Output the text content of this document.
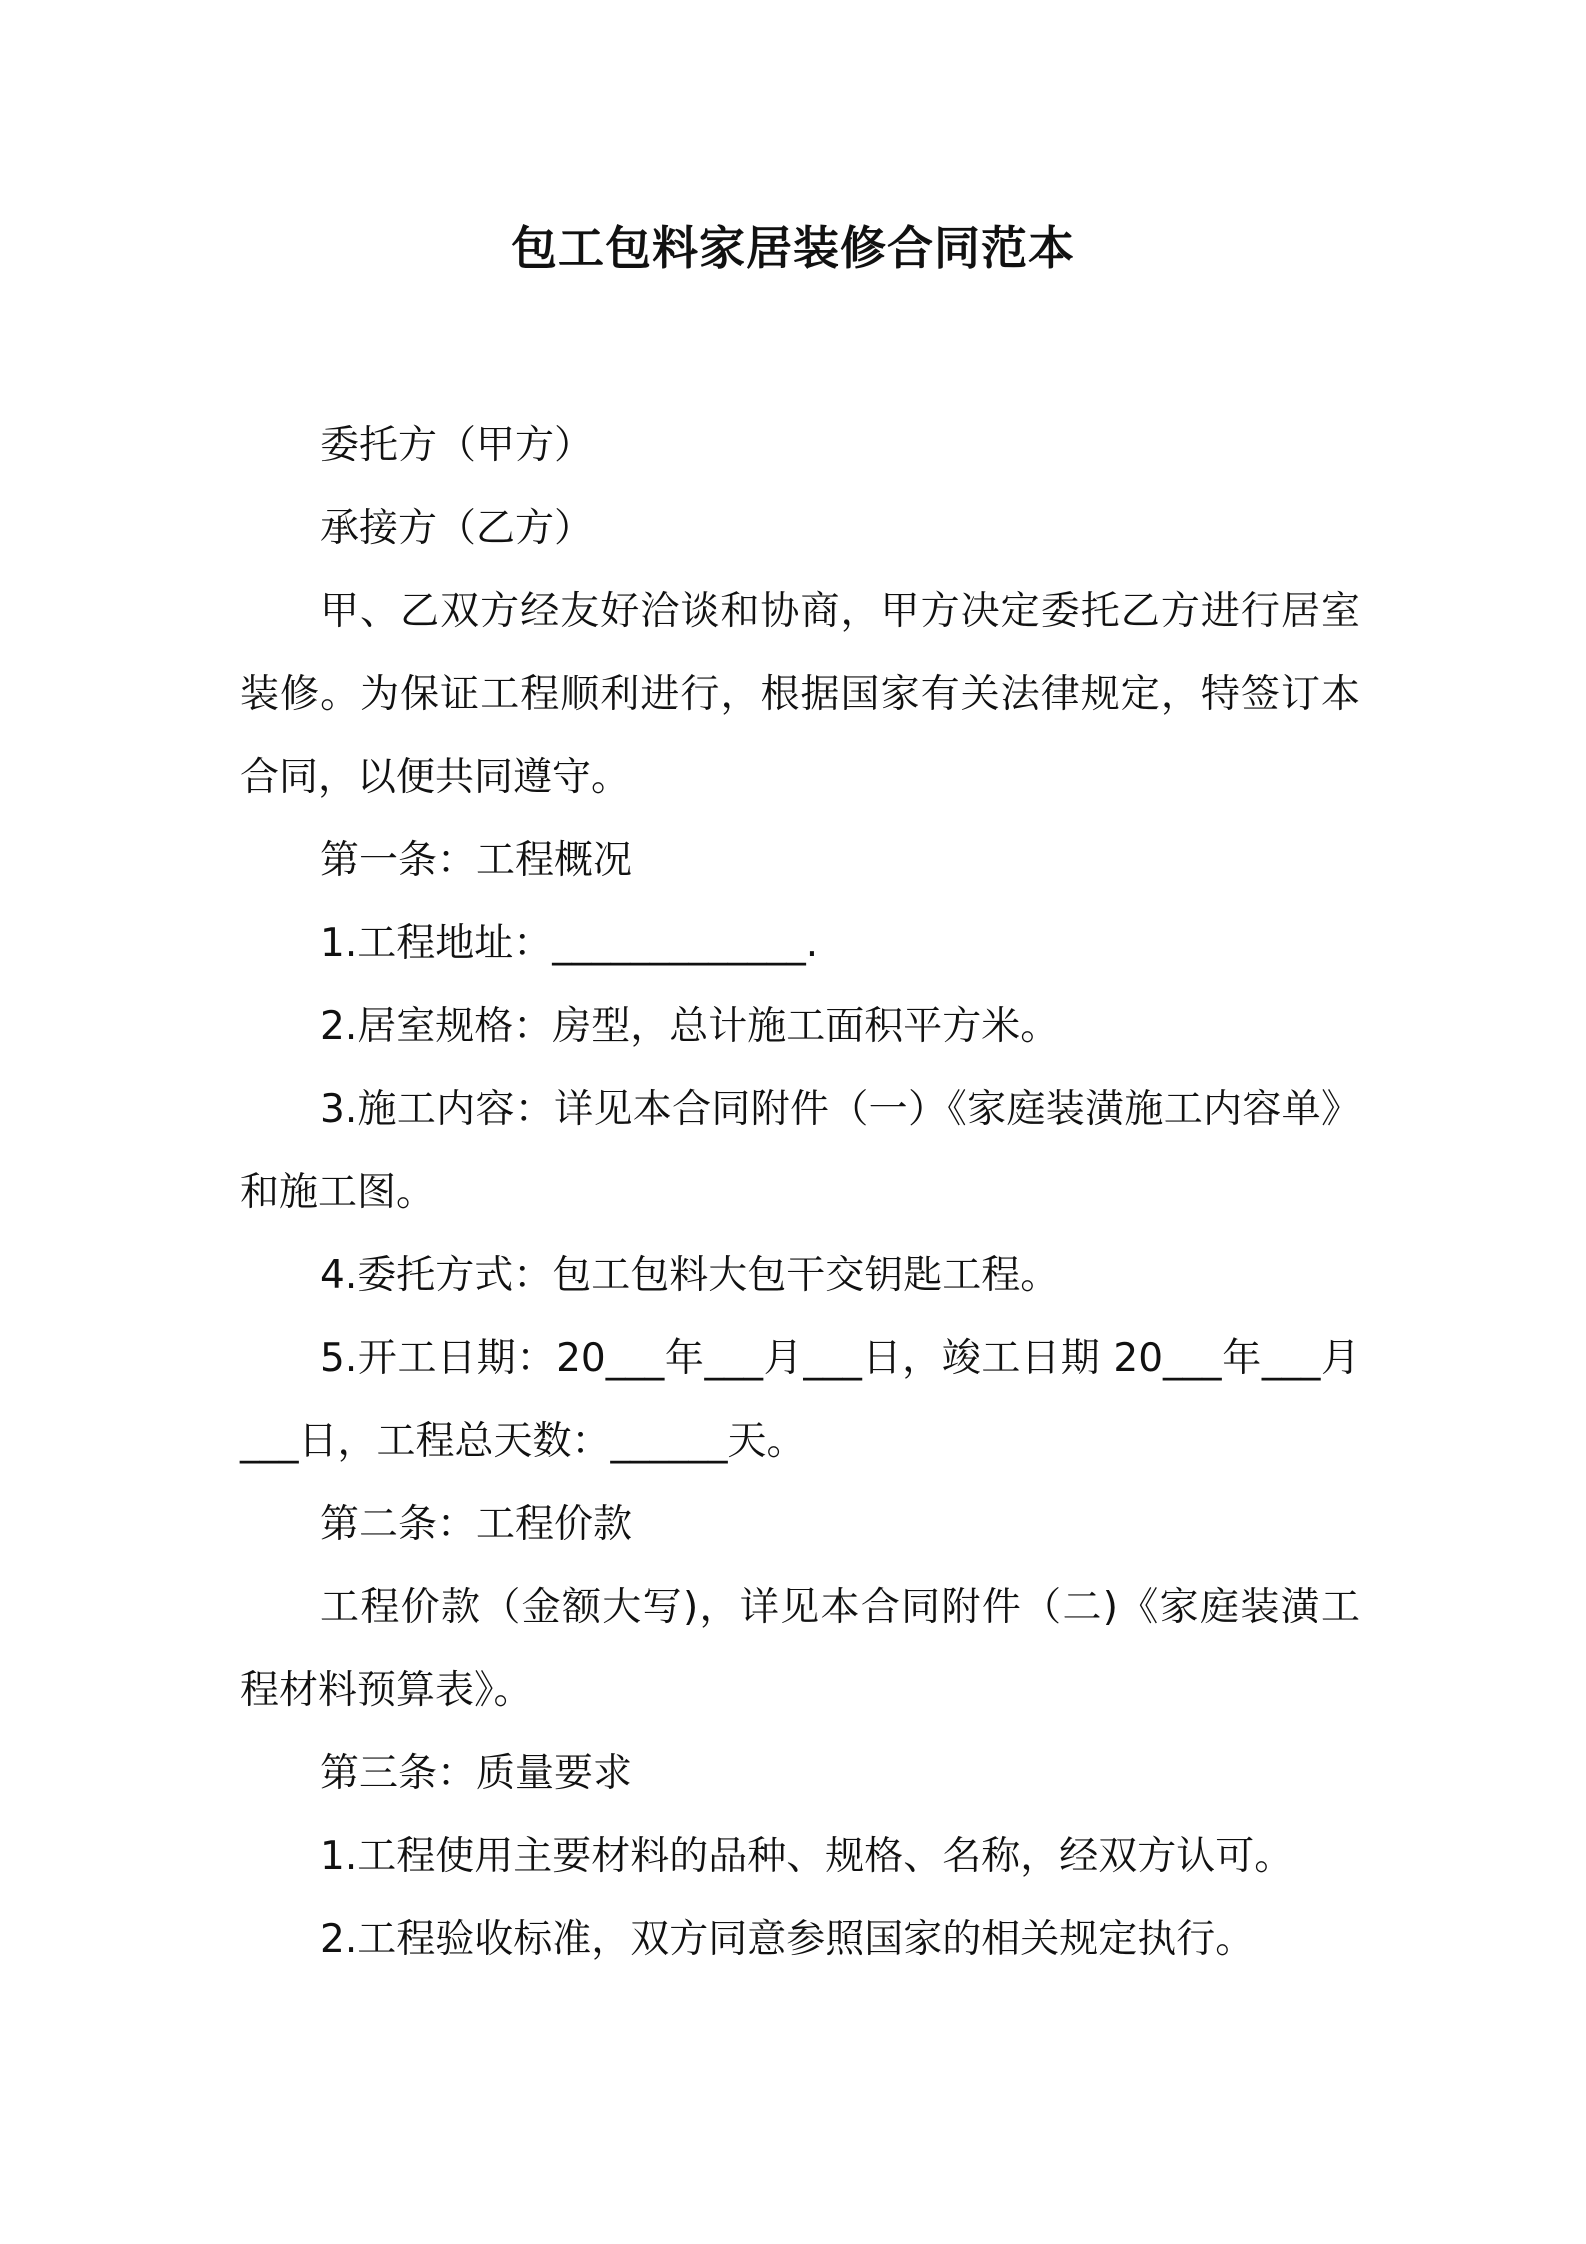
包工包料家居装修合同范本

委托方（甲方）

承接方（乙方）

甲、乙双方经友好洽谈和协商，甲方决定委托乙方进行居室装修。为保证工程顺利进行，根据国家有关法律规定，特签订本合同，以便共同遵守。

第一条：工程概况

1.工程地址：_____________.

2.居室规格：房型，总计施工面积平方米。

3.施工内容：详见本合同附件（一）《家庭装潢施工内容单》和施工图。

4.委托方式：包工包料大包干交钥匙工程。

5.开工日期：20___年___月___日，竣工日期 20___年___月___日，工程总天数：______天。

第二条：工程价款

工程价款（金额大写)，详见本合同附件（二)《家庭装潢工程材料预算表》。

第三条：质量要求

1.工程使用主要材料的品种、规格、名称，经双方认可。

2.工程验收标准，双方同意参照国家的相关规定执行。
